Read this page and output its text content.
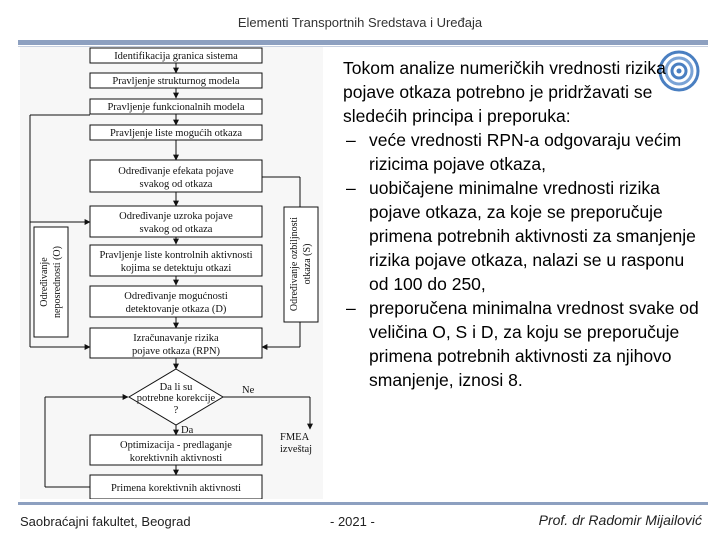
Elementi Transportnih Sredstava i Uređaja
Identifikacija granica sistema
Pravljenje strukturnog modela
Pravljenje funkcionalnih modela
Pravljenje liste mogućih otkaza
Određivanje efekata pojave
svakog od otkaza
Određivanje uzroka pojave
svakog od otkaza
Pravljenje liste kontrolnih aktivnosti
kojima se detektuju otkazi
Određivanje mogućnosti
detektovanje otkaza (D)
Izračunavanje rizika
pojave otkaza (RPN)
Optimizacija - predlaganje
korektivnih aktivnosti
Primena korektivnih aktivnosti
Da li su
potrebne korekcije
?
Da
Ne
FMEA
izveštaj
Određivanje neposrednosti (O)	Određivanje ozbiljnosti otkaza (S)

Tokom analize numeričkih vrednosti rizika pojave otkaza potrebno je pridržavati se sledećih principa i preporuka:

– veće vrednosti RPN-a odgovaraju većim rizicima pojave otkaza,
– uobičajene minimalne vrednosti rizika pojave otkaza, za koje se preporučuje primena potrebnih aktivnosti za smanjenje rizika pojave otkaza, nalazi se u rasponu od 100 do 250,
– preporučena minimalna vrednost svake od veličina O, S i D, za koju se preporučuje primena potrebnih aktivnosti za njihovo smanjenje, iznosi 8.
Saobraćajni fakultet, Beograd	- 2021 -	Prof. dr Radomir Mijailović
